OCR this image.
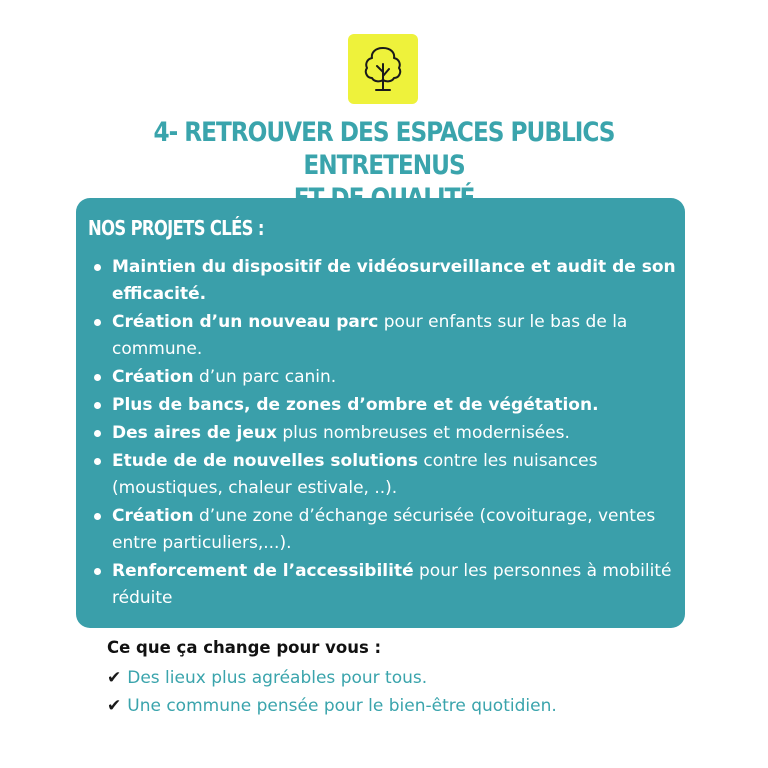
4- RETROUVER DES ESPACES PUBLICS ENTRETENUS
NOS PROJETS CLÉS :
Maintien du dispositif de vidéosurveillance et audit de son efficacité.
Création d’un nouveau parc pour enfants sur le bas de la commune.
Création d’un parc canin.
Plus de bancs, de zones d’ombre et de végétation.
Des aires de jeux plus nombreuses et modernisées.
Etude de de nouvelles solutions contre les nuisances (moustiques, chaleur estivale, ..).
Création d’une zone d’échange sécurisée (covoiturage, ventes entre particuliers,...).
Renforcement de l’accessibilité pour les personnes à mobilité réduite
Ce que ça change pour vous :
✔ Des lieux plus agréables pour tous.
✔ Une commune pensée pour le bien-être quotidien.
